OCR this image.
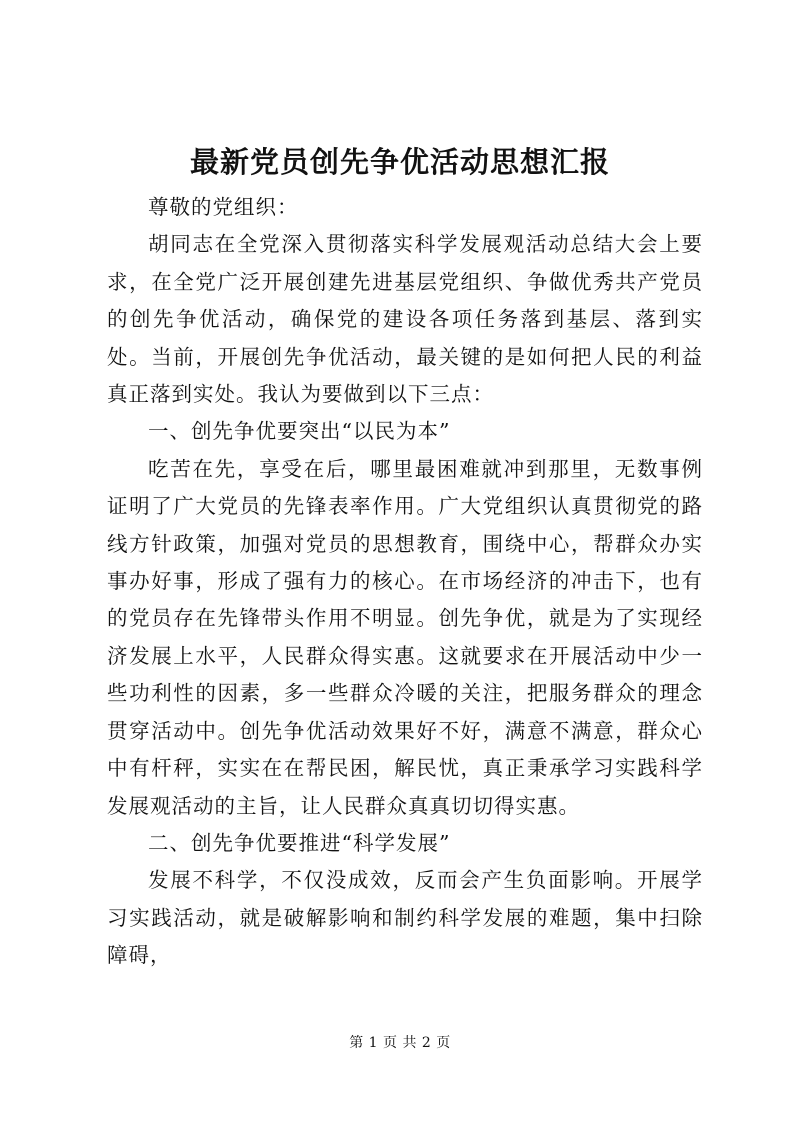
最新党员创先争优活动思想汇报

尊敬的党组织：

胡同志在全党深入贯彻落实科学发展观活动总结大会上要求，在全党广泛开展创建先进基层党组织、争做优秀共产党员的创先争优活动，确保党的建设各项任务落到基层、落到实处。当前，开展创先争优活动，最关键的是如何把人民的利益真正落到实处。我认为要做到以下三点：

一、创先争优要突出“以民为本”

吃苦在先，享受在后，哪里最困难就冲到那里，无数事例证明了广大党员的先锋表率作用。广大党组织认真贯彻党的路线方针政策，加强对党员的思想教育，围绕中心，帮群众办实事办好事，形成了强有力的核心。在市场经济的冲击下，也有的党员存在先锋带头作用不明显。创先争优，就是为了实现经济发展上水平，人民群众得实惠。这就要求在开展活动中少一些功利性的因素，多一些群众冷暖的关注，把服务群众的理念贯穿活动中。创先争优活动效果好不好，满意不满意，群众心中有杆秤，实实在在帮民困，解民忧，真正秉承学习实践科学发展观活动的主旨，让人民群众真真切切得实惠。

二、创先争优要推进“科学发展”

发展不科学，不仅没成效，反而会产生负面影响。开展学习实践活动，就是破解影响和制约科学发展的难题，集中扫除障碍，

第 1 页 共 2 页
